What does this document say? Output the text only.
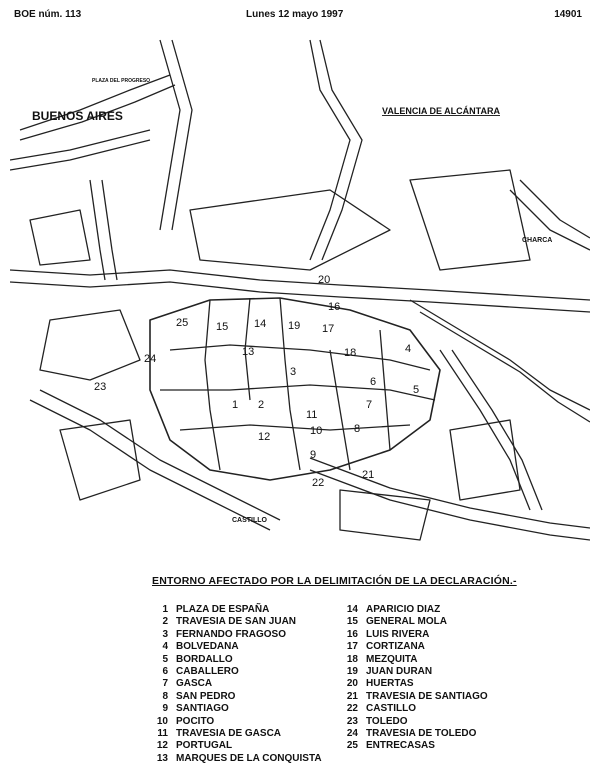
BOE núm. 113	Lunes 12 mayo 1997	14901
BUENOS AIRES	VALENCIA DE ALCÁNTARA
PLAZA DEL PROGRESO
CHARCA
CASTILLO
1 2
3
4
5
6
7
8
9
10
11
12
13
14
15
16
17
18
19
20
21
22
23
24
25
ENTORNO AFECTADO POR LA DELIMITACIÓN DE LA DECLARACIÓN.-
1 PLAZA DE ESPAÑA
2 TRAVESIA DE SAN JUAN
3 FERNANDO FRAGOSO
4 BOLVEDANA
5 BORDALLO
6 CABALLERO
7 GASCA
8 SAN PEDRO
9 SANTIAGO
10 POCITO
11 TRAVESIA DE GASCA
12 PORTUGAL
13 MARQUES DE LA CONQUISTA
14 APARICIO DIAZ
15 GENERAL MOLA
16 LUIS RIVERA
17 CORTIZANA
18 MEZQUITA
19 JUAN DURAN
20 HUERTAS
21 TRAVESIA DE SANTIAGO
22 CASTILLO
23 TOLEDO
24 TRAVESIA DE TOLEDO
25 ENTRECASAS
